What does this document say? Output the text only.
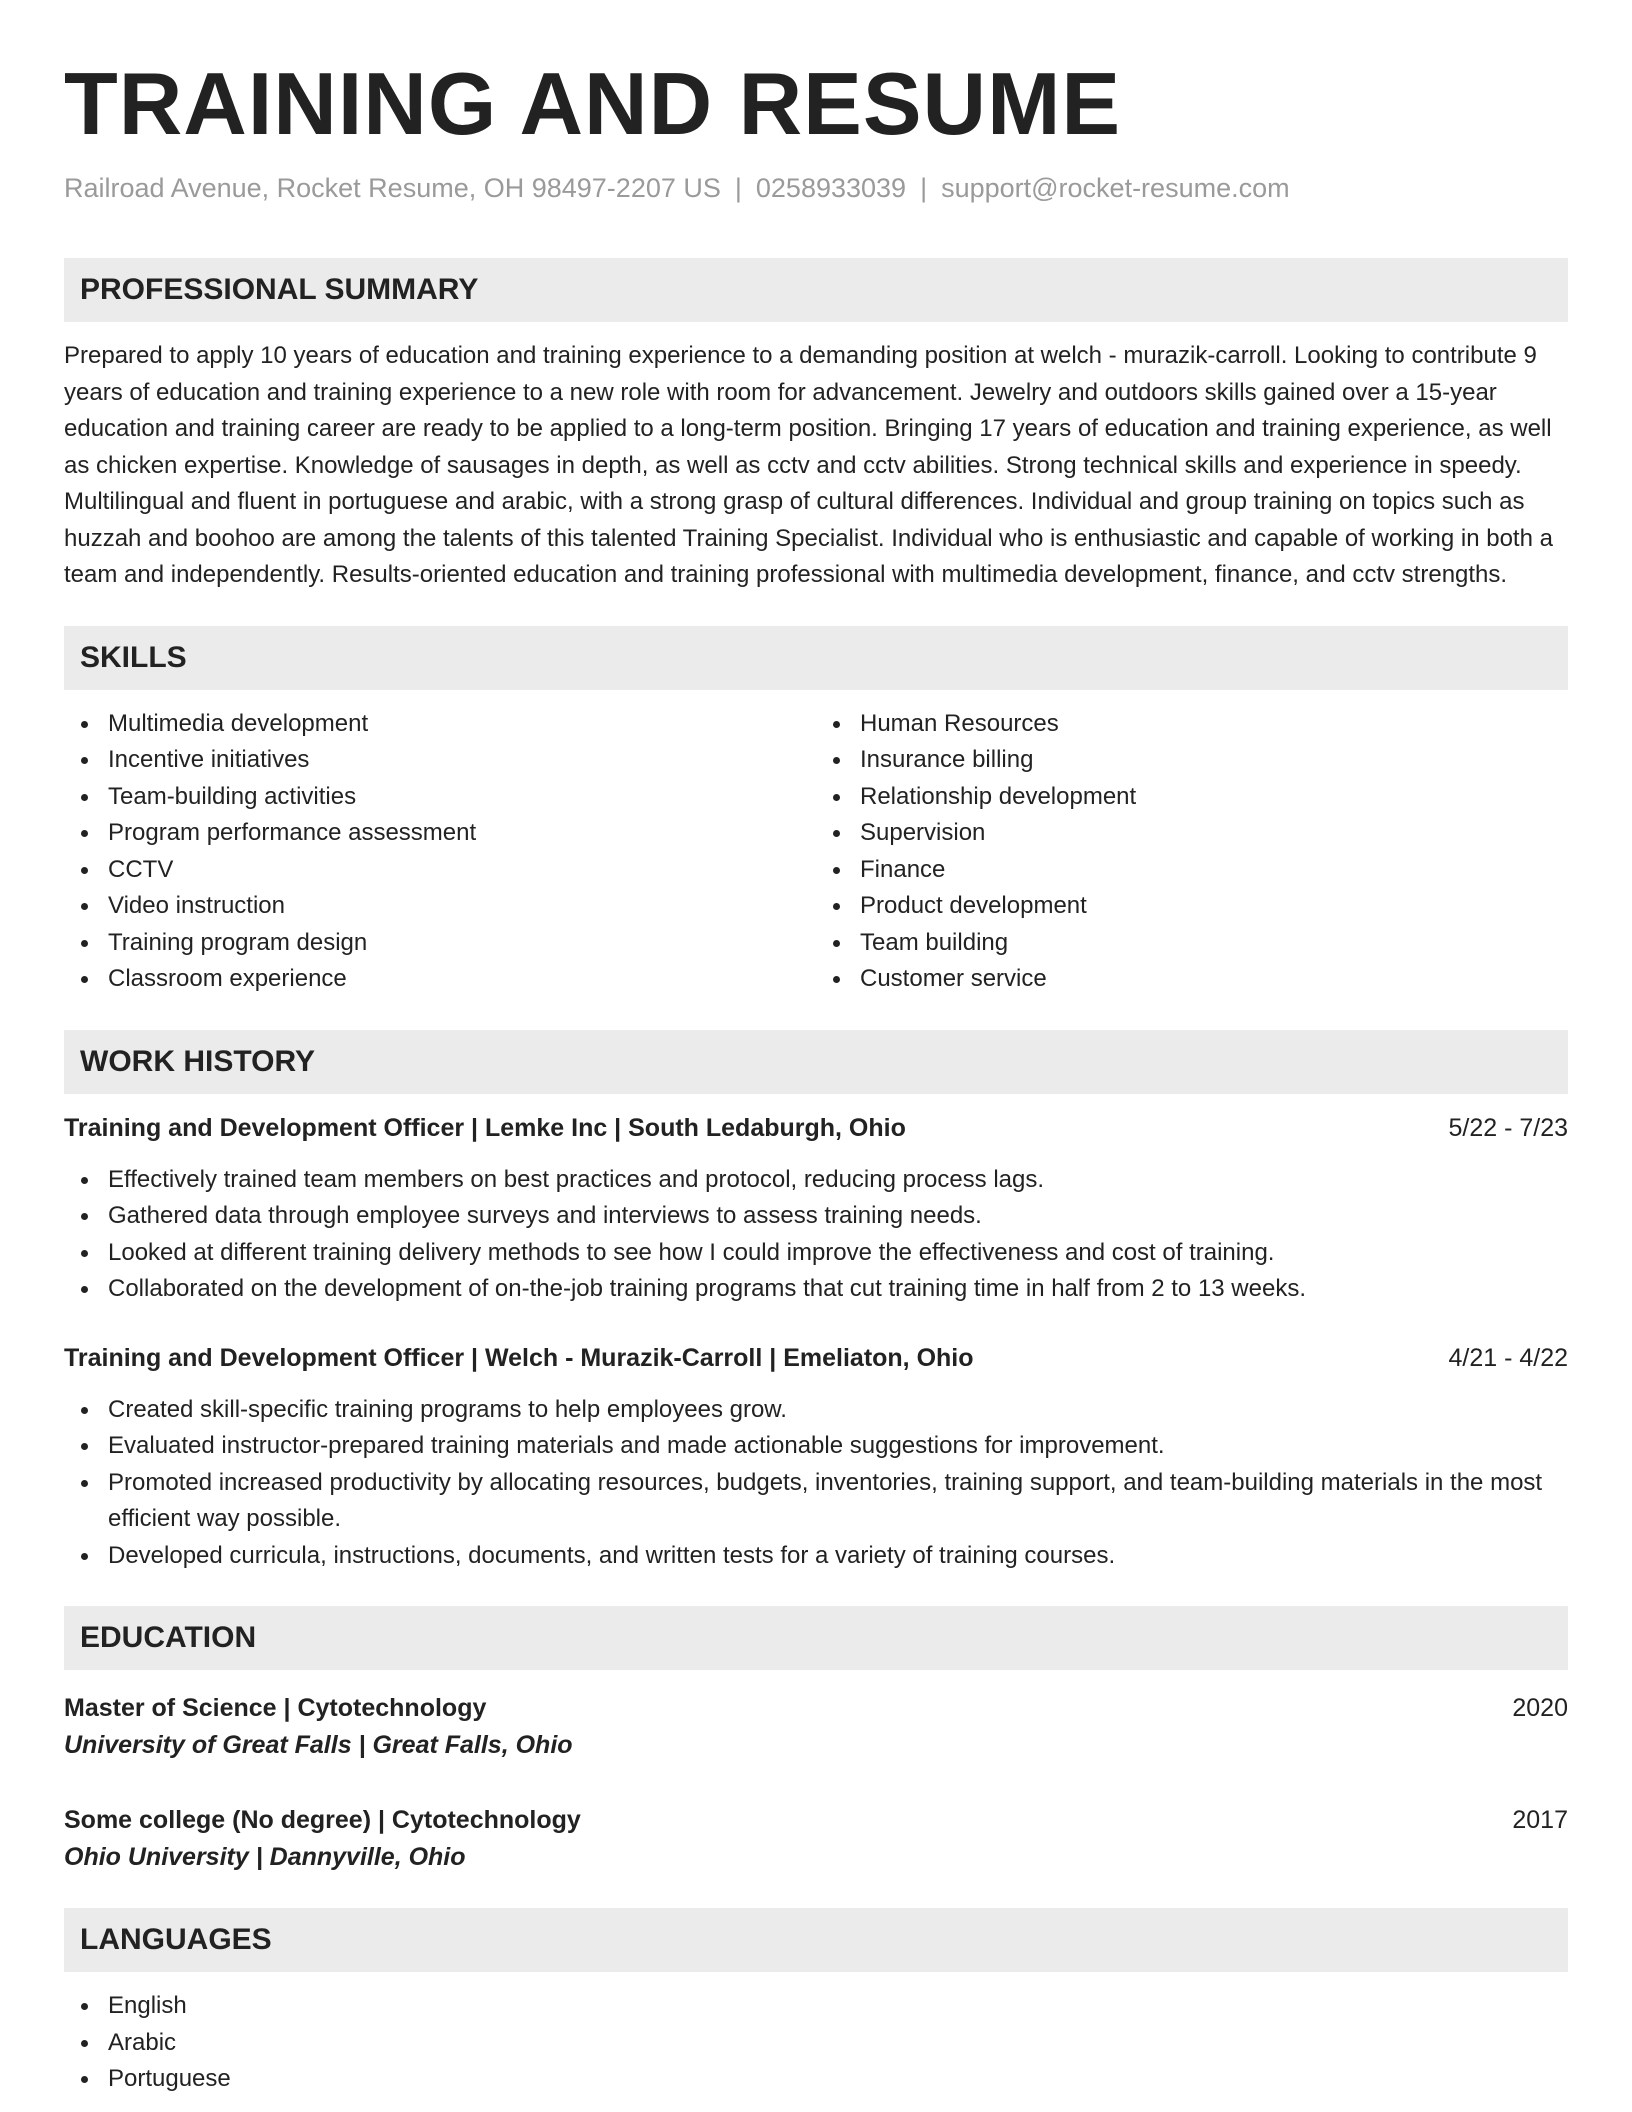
TRAINING AND RESUME
Railroad Avenue, Rocket Resume, OH 98497-2207 US | 0258933039 | support@rocket-resume.com
PROFESSIONAL SUMMARY
Prepared to apply 10 years of education and training experience to a demanding position at welch - murazik-carroll. Looking to contribute 9 years of education and training experience to a new role with room for advancement. Jewelry and outdoors skills gained over a 15-year education and training career are ready to be applied to a long-term position. Bringing 17 years of education and training experience, as well as chicken expertise. Knowledge of sausages in depth, as well as cctv and cctv abilities. Strong technical skills and experience in speedy. Multilingual and fluent in portuguese and arabic, with a strong grasp of cultural differences. Individual and group training on topics such as huzzah and boohoo are among the talents of this talented Training Specialist. Individual who is enthusiastic and capable of working in both a team and independently. Results-oriented education and training professional with multimedia development, finance, and cctv strengths.
SKILLS
Multimedia development
Incentive initiatives
Team-building activities
Program performance assessment
CCTV
Video instruction
Training program design
Classroom experience
Human Resources
Insurance billing
Relationship development
Supervision
Finance
Product development
Team building
Customer service
WORK HISTORY
Training and Development Officer | Lemke Inc | South Ledaburgh, Ohio	5/22 - 7/23
Effectively trained team members on best practices and protocol, reducing process lags.
Gathered data through employee surveys and interviews to assess training needs.
Looked at different training delivery methods to see how I could improve the effectiveness and cost of training.
Collaborated on the development of on-the-job training programs that cut training time in half from 2 to 13 weeks.
Training and Development Officer | Welch - Murazik-Carroll | Emeliaton, Ohio	4/21 - 4/22
Created skill-specific training programs to help employees grow.
Evaluated instructor-prepared training materials and made actionable suggestions for improvement.
Promoted increased productivity by allocating resources, budgets, inventories, training support, and team-building materials in the most efficient way possible.
Developed curricula, instructions, documents, and written tests for a variety of training courses.
EDUCATION
Master of Science | Cytotechnology	2020
University of Great Falls | Great Falls, Ohio
Some college (No degree) | Cytotechnology	2017
Ohio University | Dannyville, Ohio
LANGUAGES
English
Arabic
Portuguese
